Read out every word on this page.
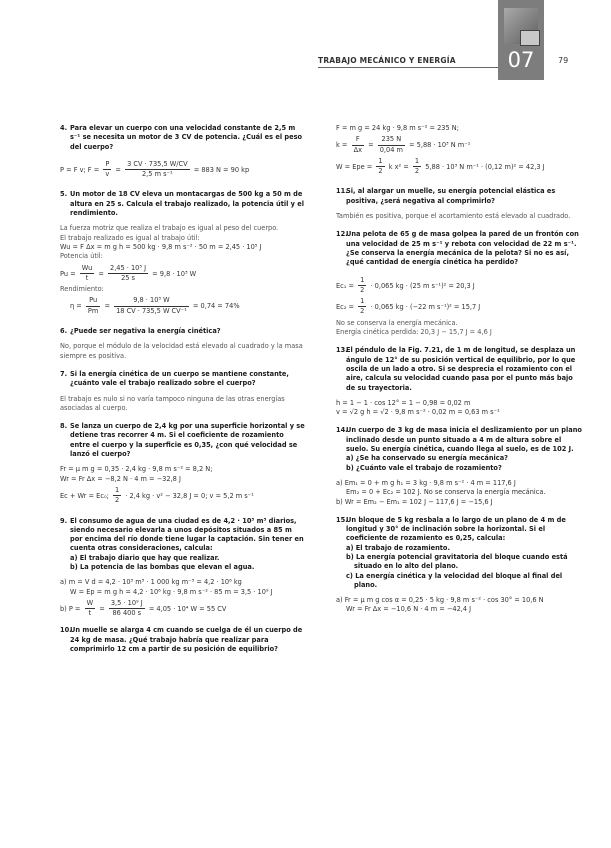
TRABAJO MECÁNICO Y ENERGÍA	07	79

4. Para elevar un cuerpo con una velocidad constante de 2,5 m s⁻¹ se necesita un motor de 3 CV de potencia. ¿Cuál es el peso del cuerpo?

P = F v; $F = \frac{P}{v} = \frac{3 CV \cdot 735,5 W/CV}{\text{2,5 m s⁻¹}} = 883$ N = 90 kp

5. Un motor de 18 CV eleva un montacargas de 500 kg a 50 m de altura en 25 s. Calcula el trabajo realizado, la potencia útil y el rendimiento.

La fuerza motriz que realiza el trabajo es igual al peso del cuerpo.

El trabajo realizado es igual al trabajo útil:

Wu = F Δx = m g h = 500 kg · 9,8 m s⁻² · 50 m = 2,45 · 10⁵ J

Potencia útil:

$Pu = \frac{Wu}{t} = \frac{\text{2,45 · 10⁵ J}}{25 s} = 9,8 \cdot 10^3$ W

Rendimiento:

$\eta = \frac{Pu}{Pm} = \frac{\text{9,8 · 10³ W}}{\text{18 CV · 735,5 W CV⁻¹}} = 0,74 = 74\%$

6. ¿Puede ser negativa la energía cinética?

No, porque el módulo de la velocidad está elevado al cuadrado y la masa siempre es positiva.

7. Si la energía cinética de un cuerpo se mantiene constante, ¿cuánto vale el trabajo realizado sobre el cuerpo?

El trabajo es nulo si no varía tampoco ninguna de las otras energías asociadas al cuerpo.

8. Se lanza un cuerpo de 2,4 kg por una superficie horizontal y se detiene tras recorrer 4 m. Si el coeficiente de rozamiento entre el cuerpo y la superficie es 0,35, ¿con qué velocidad se lanzó el cuerpo?

Fr = μ m g = 0,35 · 2,4 kg · 9,8 m s⁻² = 8,2 N;

Wr = Fr Δx = −8,2 N · 4 m = −32,8 J

Ec + Wr = Ec₀; $\frac{1}{2} \cdot 2,4$ kg · v² − 32,8 J = 0; v = 5,2 m s⁻¹

9. El consumo de agua de una ciudad es de 4,2 · 10³ m³ diarios, siendo necesario elevarla a unos depósitos situados a 85 m por encima del río donde tiene lugar la captación. Sin tener en cuenta otras consideraciones, calcula:

a) El trabajo diario que hay que realizar.

b) La potencia de las bombas que elevan el agua.

a) m = V d = 4,2 · 10³ m³ · 1 000 kg m⁻³ = 4,2 · 10⁶ kg

W = Ep = m g h = 4,2 · 10⁶ kg · 9,8 m s⁻² · 85 m = 3,5 · 10⁹ J

b) $P = \frac{W}{t} = \frac{\text{3,5 · 10⁹ J}}{86 400 s} = 4,05 \cdot 10^4$ W = 55 CV

10.Un muelle se alarga 4 cm cuando se cuelga de él un cuerpo de 24 kg de masa. ¿Qué trabajo habría que realizar para comprimirlo 12 cm a partir de su posición de equilibrio?

F = m g = 24 kg · 9,8 m s⁻² = 235 N;

$k = \frac{F}{\Delta x} = \frac{235 N}{0,04 m} = 5,88 \cdot 10^3$ N m⁻¹

W = Epe = $\frac{1}{2}$ k $x^2 = \frac{1}{2} 5,88 \cdot 10^3$ N m⁻¹ · (0,12 m)² = 42,3 J

11.Si, al alargar un muelle, su energía potencial elástica es positiva, ¿será negativa al comprimirlo?

También es positiva, porque el acortamiento está elevado al cuadrado.

12.Una pelota de 65 g de masa golpea la pared de un frontón con una velocidad de 25 m s⁻¹ y rebota con velocidad de 22 m s⁻¹. ¿Se conserva la energía mecánica de la pelota? Si no es así, ¿qué cantidad de energía cinética ha perdido?

$Ec_1 = \frac{1}{2} \cdot 0,065$ kg · (25 m s⁻¹)² = 20,3 J

$Ec_2 = \frac{1}{2} \cdot 0,065$ kg · (−22 m s⁻¹)² = 15,7 J

No se conserva la energía mecánica.

Energía cinética perdida: 20,3 J − 15,7 J = 4,6 J

13.El péndulo de la Fig. 7.21, de 1 m de longitud, se desplaza un ángulo de 12° de su posición vertical de equilibrio, por lo que oscila de un lado a otro. Si se desprecia el rozamiento con el aire, calcula su velocidad cuando pasa por el punto más bajo de su trayectoria.

h = 1 − 1 · cos 12° = 1 − 0,98 = 0,02 m

v = √2 g h = √2 · 9,8 m s⁻² · 0,02 m = 0,63 m s⁻¹

14.Un cuerpo de 3 kg de masa inicia el deslizamiento por un plano inclinado desde un punto situado a 4 m de altura sobre el suelo. Su energía cinética, cuando llega al suelo, es de 102 J.

a) ¿Se ha conservado su energía mecánica?

b) ¿Cuánto vale el trabajo de rozamiento?

a) Em₁ = 0 + m g h₁ = 3 kg · 9,8 m s⁻² · 4 m = 117,6 J

Em₂ = 0 + Ec₂ = 102 J. No se conserva la energía mecánica.

b) Wr = Em₂ − Em₁ = 102 J − 117,6 J = −15,6 J

15.Un bloque de 5 kg resbala a lo largo de un plano de 4 m de longitud y 30° de inclinación sobre la horizontal. Si el coeficiente de rozamiento es 0,25, calcula:

a) El trabajo de rozamiento.

b) La energía potencial gravitatoria del bloque cuando está situado en lo alto del plano.

c) La energía cinética y la velocidad del bloque al final del plano.

a) Fr = μ m g cos α = 0,25 · 5 kg · 9,8 m s⁻² · cos 30° = 10,6 N

Wr = Fr Δx = −10,6 N · 4 m = −42,4 J
